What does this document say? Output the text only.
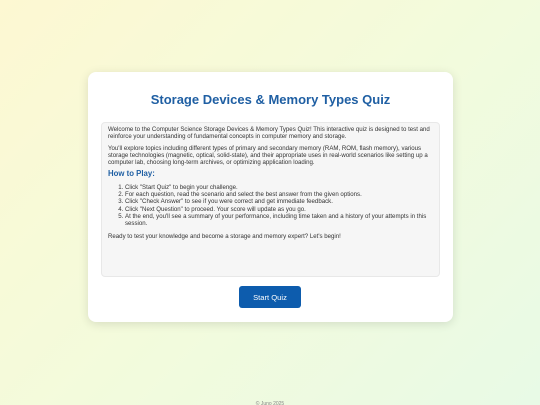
Storage Devices & Memory Types Quiz

Welcome to the Computer Science Storage Devices & Memory Types Quiz! This interactive quiz is designed to test and reinforce your understanding of fundamental concepts in computer memory and storage.

You'll explore topics including different types of primary and secondary memory (RAM, ROM, flash memory), various storage technologies (magnetic, optical, solid-state), and their appropriate uses in real-world scenarios like setting up a computer lab, choosing long-term archives, or optimizing application loading.

How to Play:
1. Click "Start Quiz" to begin your challenge.
2. For each question, read the scenario and select the best answer from the given options.
3. Click "Check Answer" to see if you were correct and get immediate feedback.
4. Click "Next Question" to proceed. Your score will update as you go.
5. At the end, you'll see a summary of your performance, including time taken and a history of your attempts in this session.

Ready to test your knowledge and become a storage and memory expert? Let's begin!

Start Quiz
© Juno 2025
